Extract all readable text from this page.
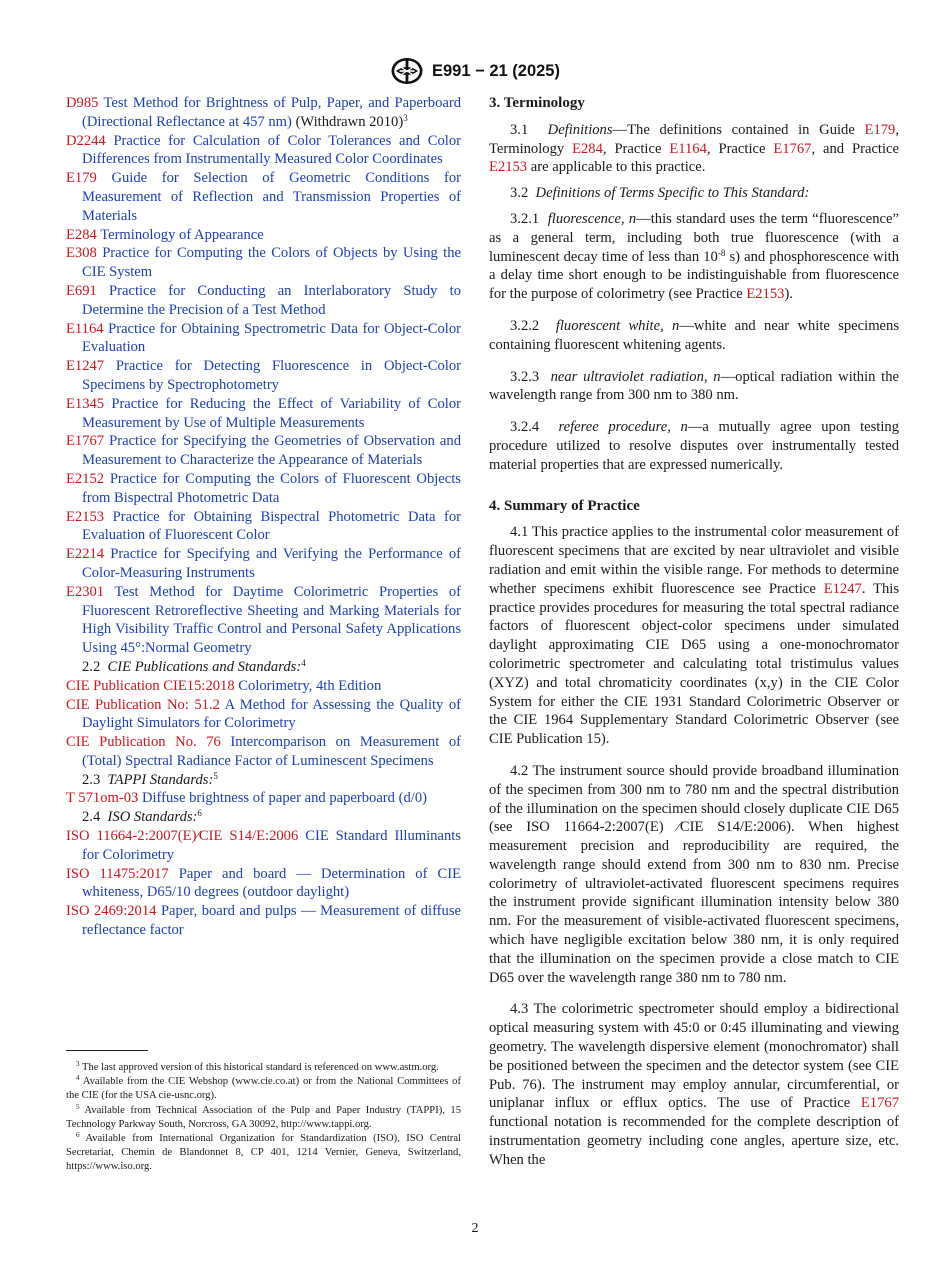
E991 − 21 (2025)

D985 Test Method for Brightness of Pulp, Paper, and Paperboard (Directional Reflectance at 457 nm) (Withdrawn 2010)$^3$

D2244 Practice for Calculation of Color Tolerances and Color Differences from Instrumentally Measured Color Coordinates

E179 Guide for Selection of Geometric Conditions for Measurement of Reflection and Transmission Properties of Materials

E284 Terminology of Appearance

E308 Practice for Computing the Colors of Objects by Using the CIE System

E691 Practice for Conducting an Interlaboratory Study to Determine the Precision of a Test Method

E1164 Practice for Obtaining Spectrometric Data for Object-Color Evaluation

E1247 Practice for Detecting Fluorescence in Object-Color Specimens by Spectrophotometry

E1345 Practice for Reducing the Effect of Variability of Color Measurement by Use of Multiple Measurements

E1767 Practice for Specifying the Geometries of Observation and Measurement to Characterize the Appearance of Materials

E2152 Practice for Computing the Colors of Fluorescent Objects from Bispectral Photometric Data

E2153 Practice for Obtaining Bispectral Photometric Data for Evaluation of Fluorescent Color

E2214 Practice for Specifying and Verifying the Performance of Color-Measuring Instruments

E2301 Test Method for Daytime Colorimetric Properties of Fluorescent Retroreflective Sheeting and Marking Materials for High Visibility Traffic Control and Personal Safety Applications Using 45°:Normal Geometry

2.2 CIE Publications and Standards:$^4$

CIE Publication CIE15:2018 Colorimetry, 4th Edition

CIE Publication No: 51.2 A Method for Assessing the Quality of Daylight Simulators for Colorimetry

CIE Publication No. 76 Intercomparison on Measurement of (Total) Spectral Radiance Factor of Luminescent Specimens

2.3 TAPPI Standards:$^5$

T 571om-03 Diffuse brightness of paper and paperboard (d/0)

2.4 ISO Standards:$^6$

ISO 11664-2:2007(E)⁄CIE S14/E:2006 CIE Standard Illuminants for Colorimetry

ISO 11475:2017 Paper and board — Determination of CIE whiteness, D65/10 degrees (outdoor daylight)

ISO 2469:2014 Paper, board and pulps — Measurement of diffuse reflectance factor

$^3$ The last approved version of this historical standard is referenced on www.astm.org.

$^4$ Available from the CIE Webshop (www.cie.co.at) or from the National Committees of the CIE (for the USA cie-usnc.org).

$^5$ Available from Technical Association of the Pulp and Paper Industry (TAPPI), 15 Technology Parkway South, Norcross, GA 30092, http://www.tappi.org.

$^6$ Available from International Organization for Standardization (ISO), ISO Central Secretariat, Chemin de Blandonnet 8, CP 401, 1214 Vernier, Geneva, Switzerland, https://www.iso.org.

3. Terminology

3.1 Definitions—The definitions contained in Guide E179, Terminology E284, Practice E1164, Practice E1767, and Practice E2153 are applicable to this practice.

3.2 Definitions of Terms Specific to This Standard:

3.2.1 fluorescence, n—this standard uses the term “fluorescence” as a general term, including both true fluorescence (with a luminescent decay time of less than $10^{-8}$ s) and phosphorescence with a delay time short enough to be indistinguishable from fluorescence for the purpose of colorimetry (see Practice E2153).

3.2.2 fluorescent white, n—white and near white specimens containing fluorescent whitening agents.

3.2.3 near ultraviolet radiation, n—optical radiation within the wavelength range from 300 nm to 380 nm.

3.2.4 referee procedure, n—a mutually agree upon testing procedure utilized to resolve disputes over instrumentally tested material properties that are expressed numerically.

4. Summary of Practice

4.1 This practice applies to the instrumental color measurement of fluorescent specimens that are excited by near ultraviolet and visible radiation and emit within the visible range. For methods to determine whether specimens exhibit fluorescence see Practice E1247. This practice provides procedures for measuring the total spectral radiance factors of fluorescent object-color specimens under simulated daylight approximating CIE D65 using a one-monochromator colorimetric spectrometer and calculating total tristimulus values (XYZ) and total chromaticity coordinates (x,y) in the CIE Color System for either the CIE 1931 Standard Colorimetric Observer or the CIE 1964 Supplementary Standard Colorimetric Observer (see CIE Publication 15).

4.2 The instrument source should provide broadband illumination of the specimen from 300 nm to 780 nm and the spectral distribution of the illumination on the specimen should closely duplicate CIE D65 (see ISO 11664-2:2007(E) ⁄CIE S14/E:2006). When highest measurement precision and reproducibility are required, the wavelength range should extend from 300 nm to 830 nm. Precise colorimetry of ultraviolet-activated fluorescent specimens requires the instrument provide significant illumination intensity below 380 nm. For the measurement of visible-activated fluorescent specimens, which have negligible excitation below 380 nm, it is only required that the illumination on the specimen provide a close match to CIE D65 over the wavelength range 380 nm to 780 nm.

4.3 The colorimetric spectrometer should employ a bidirectional optical measuring system with 45:0 or 0:45 illuminating and viewing geometry. The wavelength dispersive element (monochromator) shall be positioned between the specimen and the detector system (see CIE Pub. 76). The instrument may employ annular, circumferential, or uniplanar influx or efflux optics. The use of Practice E1767 functional notation is recommended for the complete description of instrumentation geometry including cone angles, aperture size, etc. When the

2
